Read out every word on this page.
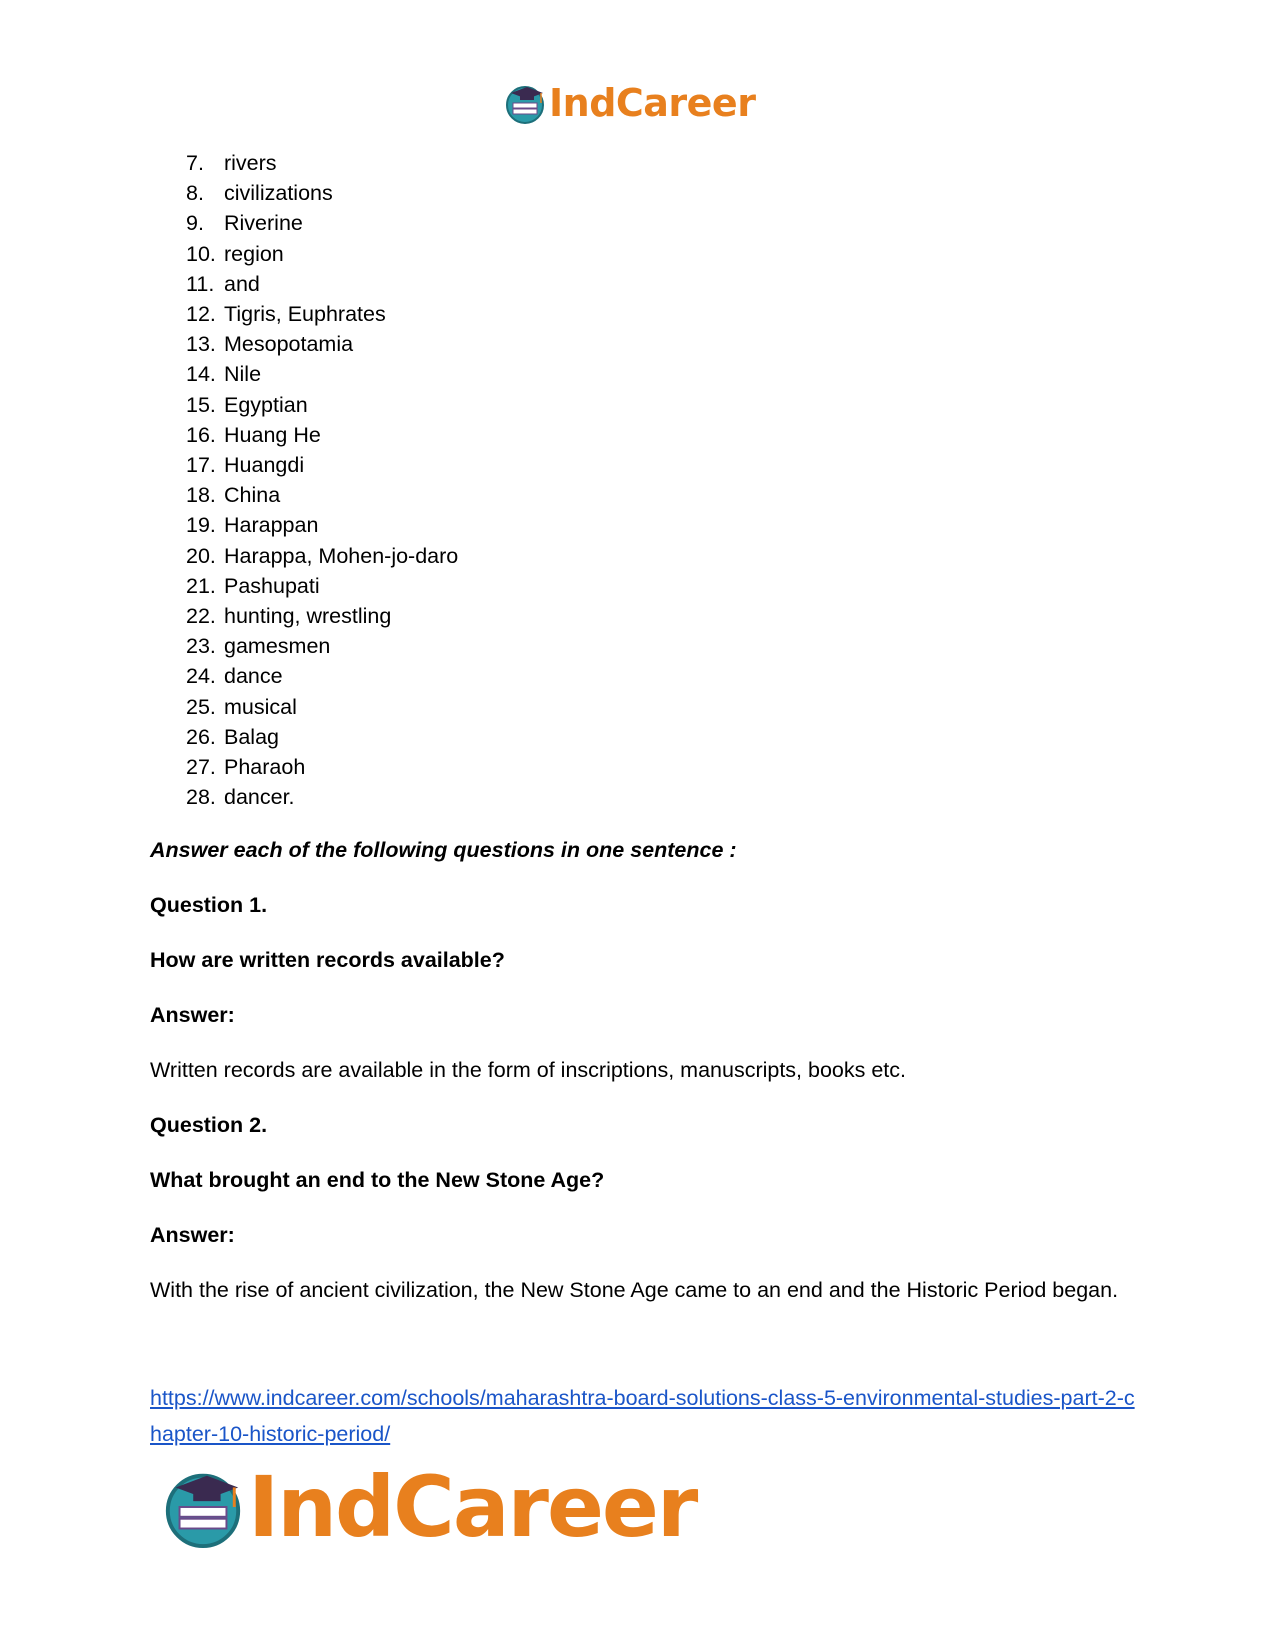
IndCareer
7. rivers
8. civilizations
9. Riverine
10. region
11. and
12. Tigris, Euphrates
13. Mesopotamia
14. Nile
15. Egyptian
16. Huang He
17. Huangdi
18. China
19. Harappan
20. Harappa, Mohen-jo-daro
21. Pashupati
22. hunting, wrestling
23. gamesmen
24. dance
25. musical
26. Balag
27. Pharaoh
28. dancer.
Answer each of the following questions in one sentence :
Question 1.
How are written records available?
Answer:
Written records are available in the form of inscriptions, manuscripts, books etc.
Question 2.
What brought an end to the New Stone Age?
Answer:
With the rise of ancient civilization, the New Stone Age came to an end and the Historic Period began.
https://www.indcareer.com/schools/maharashtra-board-solutions-class-5-environmental-studies-part-2-chapter-10-historic-period/
IndCareer
